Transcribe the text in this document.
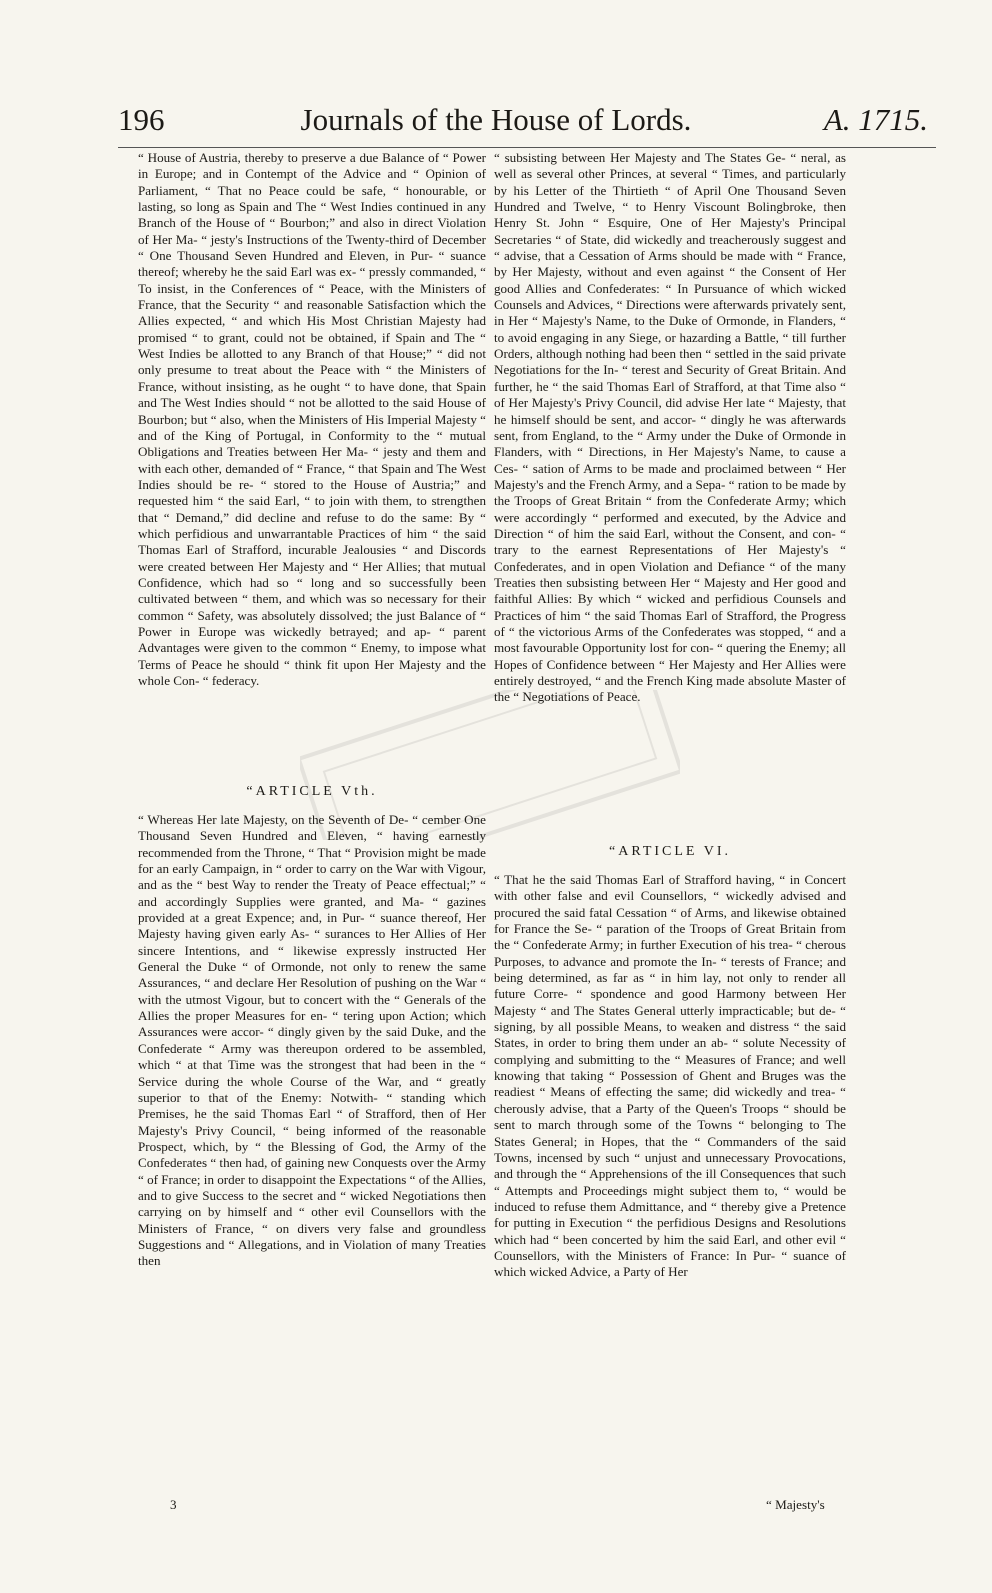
196	Journals of the House of Lords.	A. 1715.

“ House of Austria, thereby to preserve a due Balance of “ Power in Europe; and in Contempt of the Advice and “ Opinion of Parliament, “ That no Peace could be safe, “ honourable, or lasting, so long as Spain and The “ West Indies continued in any Branch of the House of “ Bourbon;” and also in direct Violation of Her Ma- “ jesty's Instructions of the Twenty-third of December “ One Thousand Seven Hundred and Eleven, in Pur- “ suance thereof; whereby he the said Earl was ex- “ pressly commanded, “ To insist, in the Conferences of “ Peace, with the Ministers of France, that the Security “ and reasonable Satisfaction which the Allies expected, “ and which His Most Christian Majesty had promised “ to grant, could not be obtained, if Spain and The “ West Indies be allotted to any Branch of that House;” “ did not only presume to treat about the Peace with “ the Ministers of France, without insisting, as he ought “ to have done, that Spain and The West Indies should “ not be allotted to the said House of Bourbon; but “ also, when the Ministers of His Imperial Majesty “ and of the King of Portugal, in Conformity to the “ mutual Obligations and Treaties between Her Ma- “ jesty and them and with each other, demanded of “ France, “ that Spain and The West Indies should be re- “ stored to the House of Austria;” and requested him “ the said Earl, “ to join with them, to strengthen that “ Demand,” did decline and refuse to do the same: By “ which perfidious and unwarrantable Practices of him “ the said Thomas Earl of Strafford, incurable Jealousies “ and Discords were created between Her Majesty and “ Her Allies; that mutual Confidence, which had so “ long and so successfully been cultivated between “ them, and which was so necessary for their common “ Safety, was absolutely dissolved; the just Balance of “ Power in Europe was wickedly betrayed; and ap- “ parent Advantages were given to the common “ Enemy, to impose what Terms of Peace he should “ think fit upon Her Majesty and the whole Con- “ federacy.

“ARTICLE Vth.

“ Whereas Her late Majesty, on the Seventh of De- “ cember One Thousand Seven Hundred and Eleven, “ having earnestly recommended from the Throne, “ That “ Provision might be made for an early Campaign, in “ order to carry on the War with Vigour, and as the “ best Way to render the Treaty of Peace effectual;” “ and accordingly Supplies were granted, and Ma- “ gazines provided at a great Expence; and, in Pur- “ suance thereof, Her Majesty having given early As- “ surances to Her Allies of Her sincere Intentions, and “ likewise expressly instructed Her General the Duke “ of Ormonde, not only to renew the same Assurances, “ and declare Her Resolution of pushing on the War “ with the utmost Vigour, but to concert with the “ Generals of the Allies the proper Measures for en- “ tering upon Action; which Assurances were accor- “ dingly given by the said Duke, and the Confederate “ Army was thereupon ordered to be assembled, which “ at that Time was the strongest that had been in the “ Service during the whole Course of the War, and “ greatly superior to that of the Enemy: Notwith- “ standing which Premises, he the said Thomas Earl “ of Strafford, then of Her Majesty's Privy Council, “ being informed of the reasonable Prospect, which, by “ the Blessing of God, the Army of the Confederates “ then had, of gaining new Conquests over the Army “ of France; in order to disappoint the Expectations “ of the Allies, and to give Success to the secret and “ wicked Negotiations then carrying on by himself and “ other evil Counsellors with the Ministers of France, “ on divers very false and groundless Suggestions and “ Allegations, and in Violation of many Treaties then

“ subsisting between Her Majesty and The States Ge- “ neral, as well as several other Princes, at several “ Times, and particularly by his Letter of the Thirtieth “ of April One Thousand Seven Hundred and Twelve, “ to Henry Viscount Bolingbroke, then Henry St. John “ Esquire, One of Her Majesty's Principal Secretaries “ of State, did wickedly and treacherously suggest and “ advise, that a Cessation of Arms should be made with “ France, by Her Majesty, without and even against “ the Consent of Her good Allies and Confederates: “ In Pursuance of which wicked Counsels and Advices, “ Directions were afterwards privately sent, in Her “ Majesty's Name, to the Duke of Ormonde, in Flanders, “ to avoid engaging in any Siege, or hazarding a Battle, “ till further Orders, although nothing had been then “ settled in the said private Negotiations for the In- “ terest and Security of Great Britain. And further, he “ the said Thomas Earl of Strafford, at that Time also “ of Her Majesty's Privy Council, did advise Her late “ Majesty, that he himself should be sent, and accor- “ dingly he was afterwards sent, from England, to the “ Army under the Duke of Ormonde in Flanders, with “ Directions, in Her Majesty's Name, to cause a Ces- “ sation of Arms to be made and proclaimed between “ Her Majesty's and the French Army, and a Sepa- “ ration to be made by the Troops of Great Britain “ from the Confederate Army; which were accordingly “ performed and executed, by the Advice and Direction “ of him the said Earl, without the Consent, and con- “ trary to the earnest Representations of Her Majesty's “ Confederates, and in open Violation and Defiance “ of the many Treaties then subsisting between Her “ Majesty and Her good and faithful Allies: By which “ wicked and perfidious Counsels and Practices of him “ the said Thomas Earl of Strafford, the Progress of “ the victorious Arms of the Confederates was stopped, “ and a most favourable Opportunity lost for con- “ quering the Enemy; all Hopes of Confidence between “ Her Majesty and Her Allies were entirely destroyed, “ and the French King made absolute Master of the “ Negotiations of Peace.

“ARTICLE VI.

“ That he the said Thomas Earl of Strafford having, “ in Concert with other false and evil Counsellors, “ wickedly advised and procured the said fatal Cessation “ of Arms, and likewise obtained for France the Se- “ paration of the Troops of Great Britain from the “ Confederate Army; in further Execution of his trea- “ cherous Purposes, to advance and promote the In- “ terests of France; and being determined, as far as “ in him lay, not only to render all future Corre- “ spondence and good Harmony between Her Majesty “ and The States General utterly impracticable; but de- “ signing, by all possible Means, to weaken and distress “ the said States, in order to bring them under an ab- “ solute Necessity of complying and submitting to the “ Measures of France; and well knowing that taking “ Possession of Ghent and Bruges was the readiest “ Means of effecting the same; did wickedly and trea- “ cherously advise, that a Party of the Queen's Troops “ should be sent to march through some of the Towns “ belonging to The States General; in Hopes, that the “ Commanders of the said Towns, incensed by such “ unjust and unnecessary Provocations, and through the “ Apprehensions of the ill Consequences that such “ Attempts and Proceedings might subject them to, “ would be induced to refuse them Admittance, and “ thereby give a Pretence for putting in Execution “ the perfidious Designs and Resolutions which had “ been concerted by him the said Earl, and other evil “ Counsellors, with the Ministers of France: In Pur- “ suance of which wicked Advice, a Party of Her

3	“ Majesty's
